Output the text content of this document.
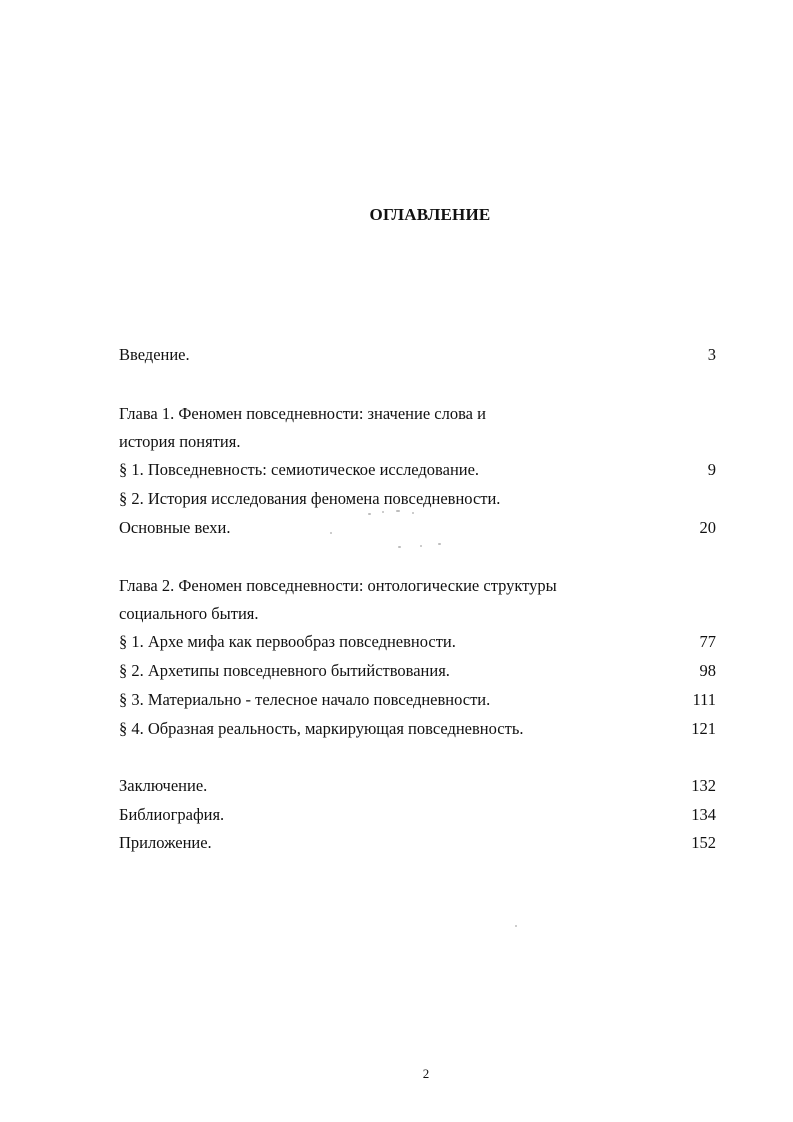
ОГЛАВЛЕНИЕ
Введение.	3
Глава 1. Феномен повседневности: значение слова и
история понятия.
§ 1. Повседневность: семиотическое исследование.	9
§ 2. История исследования феномена повседневности.
Основные вехи.	20
Глава 2. Феномен повседневности: онтологические структуры
социального бытия.
§ 1. Архе мифа как первообраз повседневности.	77
§ 2. Архетипы повседневного бытийствования.	98
§ 3. Материально - телесное начало повседневности.	111
§ 4. Образная реальность, маркирующая повседневность.	121
Заключение.	132
Библиография.	134
Приложение.	152
2
